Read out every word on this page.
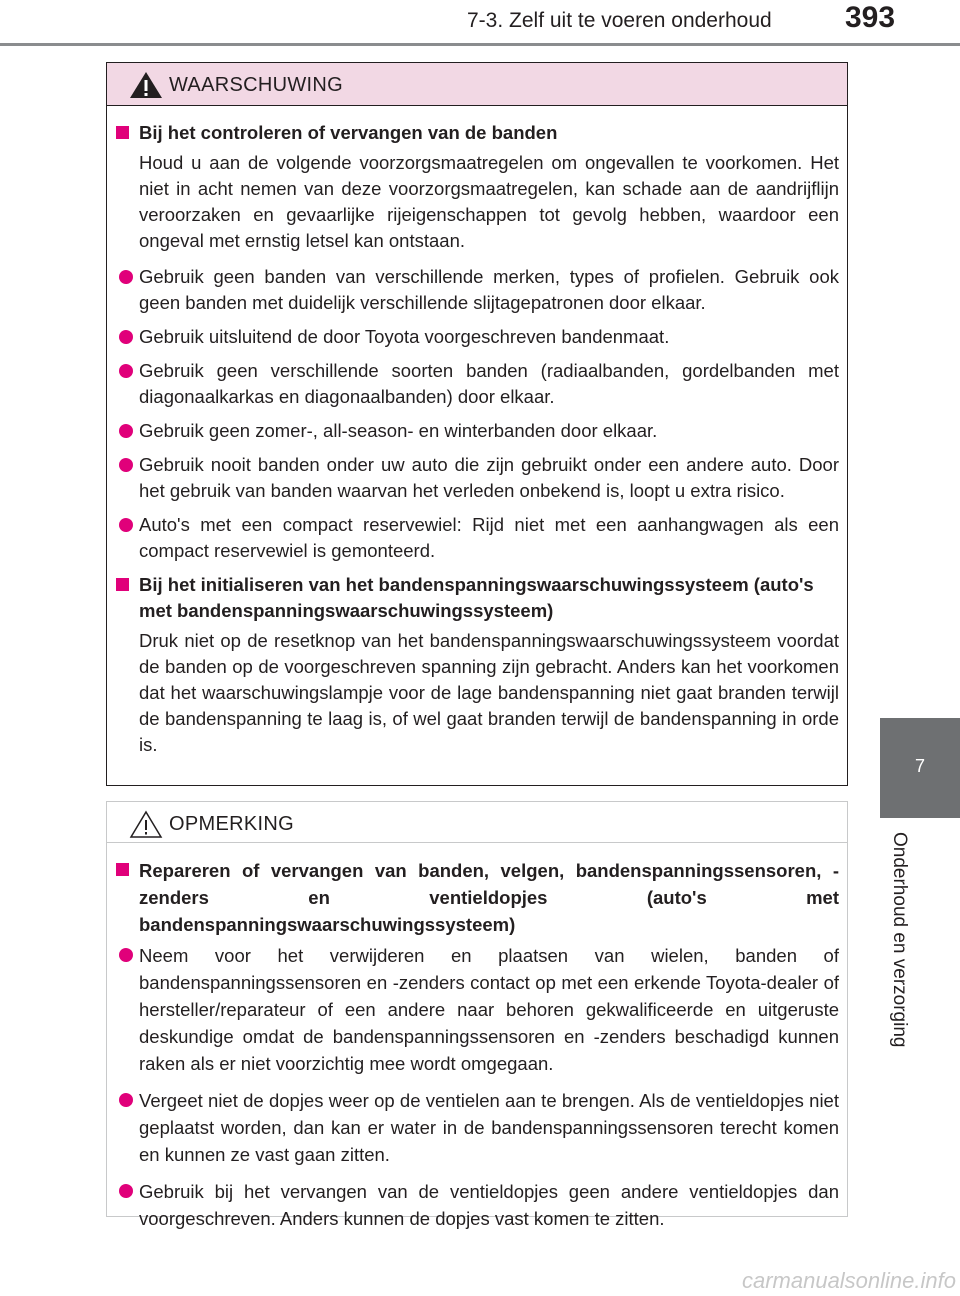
7-3. Zelf uit te voeren onderhoud 393
7
Onderhoud en verzorging
WAARSCHUWING
Bij het controleren of vervangen van de banden
Houd u aan de volgende voorzorgsmaatregelen om ongevallen te voorkomen. Het niet in acht nemen van deze voorzorgsmaatregelen, kan schade aan de aandrijflijn veroorzaken en gevaarlijke rijeigenschappen tot gevolg hebben, waardoor een ongeval met ernstig letsel kan ontstaan.
Gebruik geen banden van verschillende merken, types of profielen. Gebruik ook geen banden met duidelijk verschillende slijtagepatronen door elkaar.
Gebruik uitsluitend de door Toyota voorgeschreven bandenmaat.
Gebruik geen verschillende soorten banden (radiaalbanden, gordelbanden met diagonaalkarkas en diagonaalbanden) door elkaar.
Gebruik geen zomer-, all-season- en winterbanden door elkaar.
Gebruik nooit banden onder uw auto die zijn gebruikt onder een andere auto. Door het gebruik van banden waarvan het verleden onbekend is, loopt u extra risico.
Auto's met een compact reservewiel: Rijd niet met een aanhangwagen als een compact reservewiel is gemonteerd.
Bij het initialiseren van het bandenspanningswaarschuwingssysteem (auto's met bandenspanningswaarschuwingssysteem)
Druk niet op de resetknop van het bandenspanningswaarschuwingssysteem voordat de banden op de voorgeschreven spanning zijn gebracht. Anders kan het voorkomen dat het waarschuwingslampje voor de lage bandenspanning niet gaat branden terwijl de bandenspanning te laag is, of wel gaat branden terwijl de bandenspanning in orde is.
OPMERKING
Repareren of vervangen van banden, velgen, bandenspanningssensoren, -zenders en ventieldopjes (auto's met bandenspanningswaarschuwingssysteem)
Neem voor het verwijderen en plaatsen van wielen, banden of bandenspanningssensoren en -zenders contact op met een erkende Toyota-dealer of hersteller/reparateur of een andere naar behoren gekwalificeerde en uitgeruste deskundige omdat de bandenspanningssensoren en -zenders beschadigd kunnen raken als er niet voorzichtig mee wordt omgegaan.
Vergeet niet de dopjes weer op de ventielen aan te brengen. Als de ventieldopjes niet geplaatst worden, dan kan er water in de bandenspanningssensoren terecht komen en kunnen ze vast gaan zitten.
Gebruik bij het vervangen van de ventieldopjes geen andere ventieldopjes dan voorgeschreven. Anders kunnen de dopjes vast komen te zitten.
carmanualsonline.info
